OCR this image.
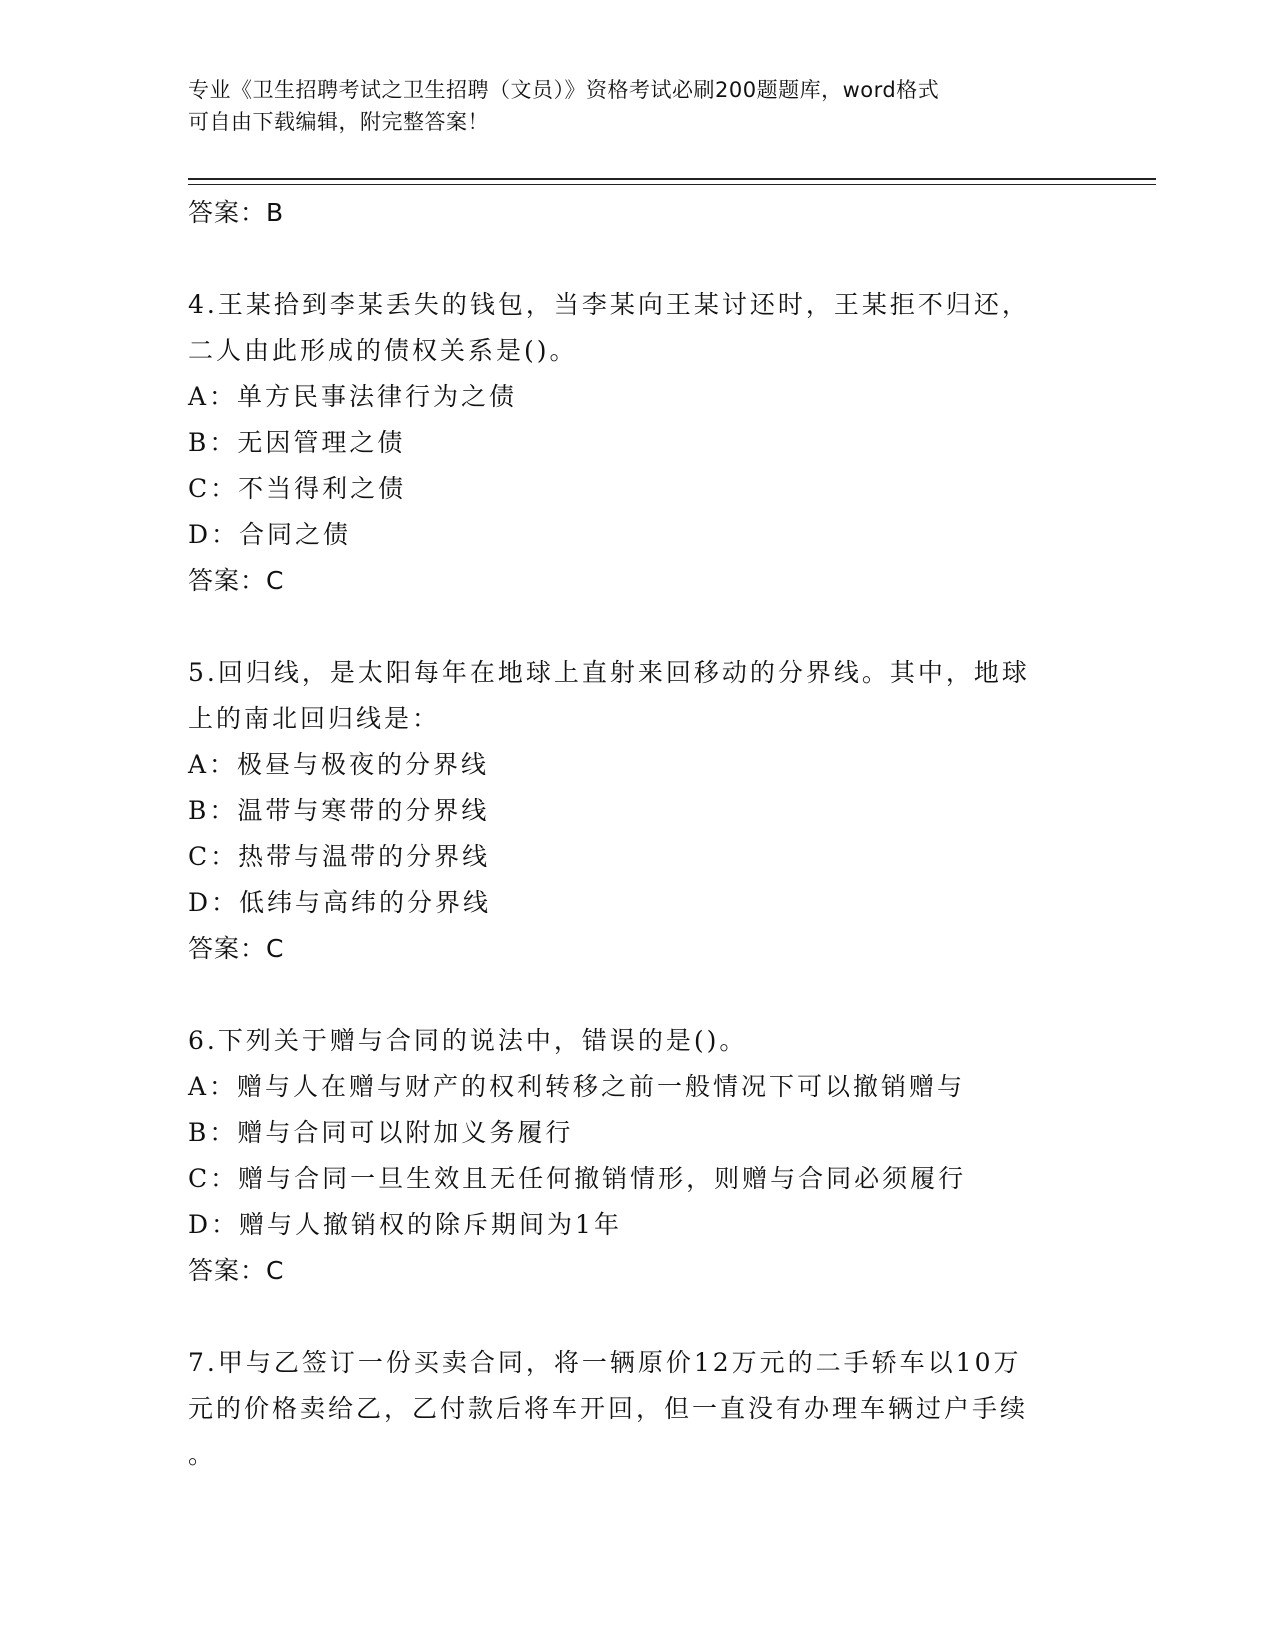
专业《卫生招聘考试之卫生招聘（文员）》资格考试必刷200题题库，word格式
可自由下载编辑，附完整答案！
答案：B
4.王某拾到李某丢失的钱包，当李某向王某讨还时，王某拒不归还，
二人由此形成的债权关系是()。
A：单方民事法律行为之债
B：无因管理之债
C：不当得利之债
D：合同之债
答案：C
5.回归线，是太阳每年在地球上直射来回移动的分界线。其中，地球
上的南北回归线是：
A：极昼与极夜的分界线
B：温带与寒带的分界线
C：热带与温带的分界线
D：低纬与高纬的分界线
答案：C
6.下列关于赠与合同的说法中，错误的是()。
A：赠与人在赠与财产的权利转移之前一般情况下可以撤销赠与
B：赠与合同可以附加义务履行
C：赠与合同一旦生效且无任何撤销情形，则赠与合同必须履行
D：赠与人撤销权的除斥期间为1年
答案：C
7.甲与乙签订一份买卖合同，将一辆原价12万元的二手轿车以10万
元的价格卖给乙，乙付款后将车开回，但一直没有办理车辆过户手续
。
